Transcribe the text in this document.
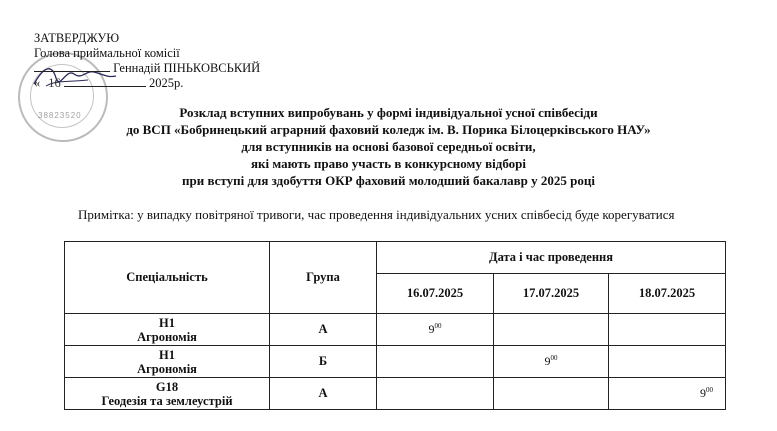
38823520
ЗАТВЕРДЖУЮ
Голова приймальної комісії
Геннадій ПІНЬКОВСЬКИЙ
« 16	2025р.
Розклад вступних випробувань у формі індивідуальної усної співбесіди
до ВСП «Бобринецький аграрний фаховий коледж ім. В. Порика Білоцерківського НАУ»
для вступників на основі базової середньої освіти,
які мають право участь в конкурсному відборі
при вступі для здобуття ОКР фаховий молодший бакалавр у 2025 році
Примітка: у випадку повітряної тривоги, час проведення індивідуальних усних співбесід буде корегуватися
Спеціальність	Група	Дата і час проведення		
		16.07.2025	17.07.2025	18.07.2025

Н1
Агрономія	А	$9^{00}$		

Н1
Агрономія	Б		$9^{00}$	

G18
Геодезія та землеустрій	А			$9^{00}$
